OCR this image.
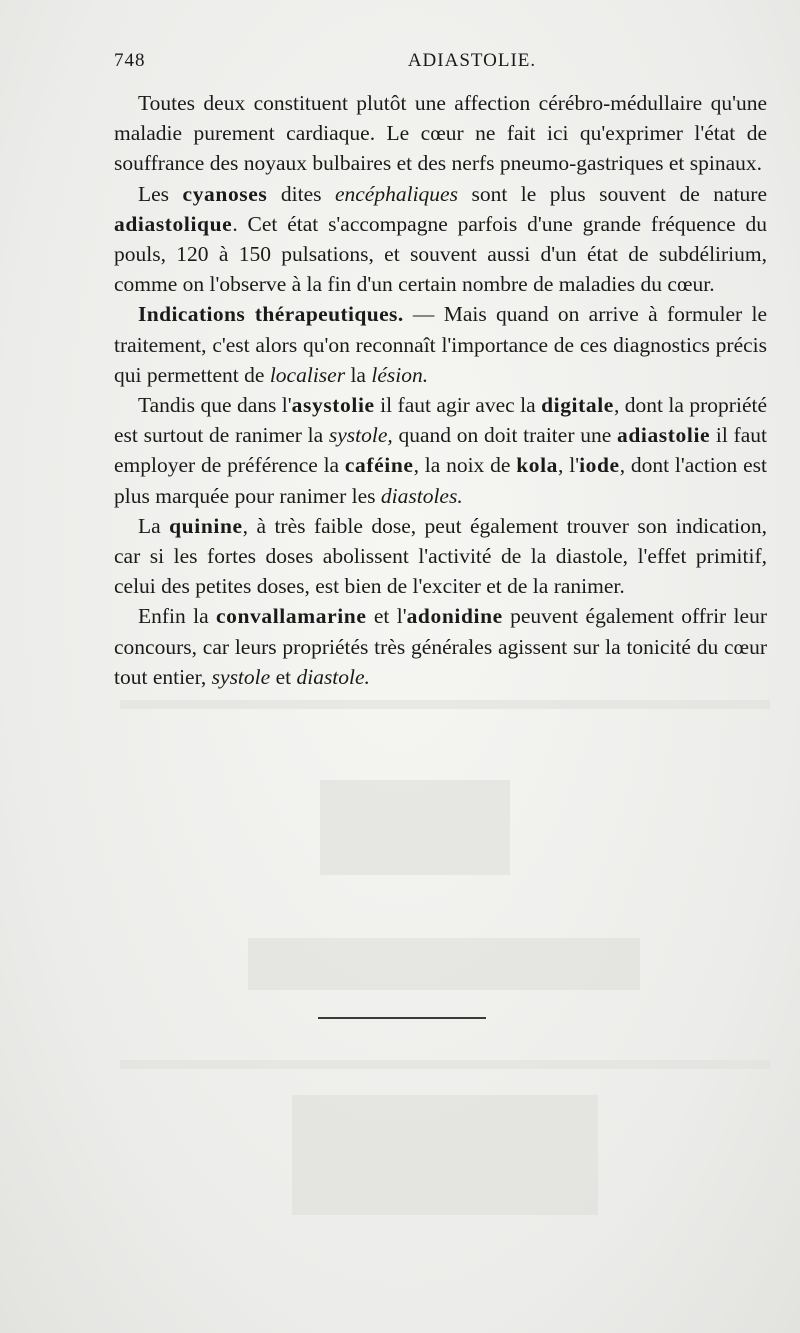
748	ADIASTOLIE.

Toutes deux constituent plutôt une affection cérébro-médullaire qu'une maladie purement cardiaque. Le cœur ne fait ici qu'exprimer l'état de souffrance des noyaux bulbaires et des nerfs pneumo-gastriques et spinaux.

Les cyanoses dites encéphaliques sont le plus souvent de nature adiastolique. Cet état s'accompagne parfois d'une grande fréquence du pouls, 120 à 150 pulsations, et souvent aussi d'un état de subdélirium, comme on l'observe à la fin d'un certain nombre de maladies du cœur.

Indications thérapeutiques. — Mais quand on arrive à formuler le traitement, c'est alors qu'on reconnaît l'importance de ces diagnostics précis qui permettent de localiser la lésion.

Tandis que dans l'asystolie il faut agir avec la digitale, dont la propriété est surtout de ranimer la systole, quand on doit traiter une adiastolie il faut employer de préférence la caféine, la noix de kola, l'iode, dont l'action est plus marquée pour ranimer les diastoles.

La quinine, à très faible dose, peut également trouver son indication, car si les fortes doses abolissent l'activité de la diastole, l'effet primitif, celui des petites doses, est bien de l'exciter et de la ranimer.

Enfin la convallamarine et l'adonidine peuvent également offrir leur concours, car leurs propriétés très générales agissent sur la tonicité du cœur tout entier, systole et diastole.
